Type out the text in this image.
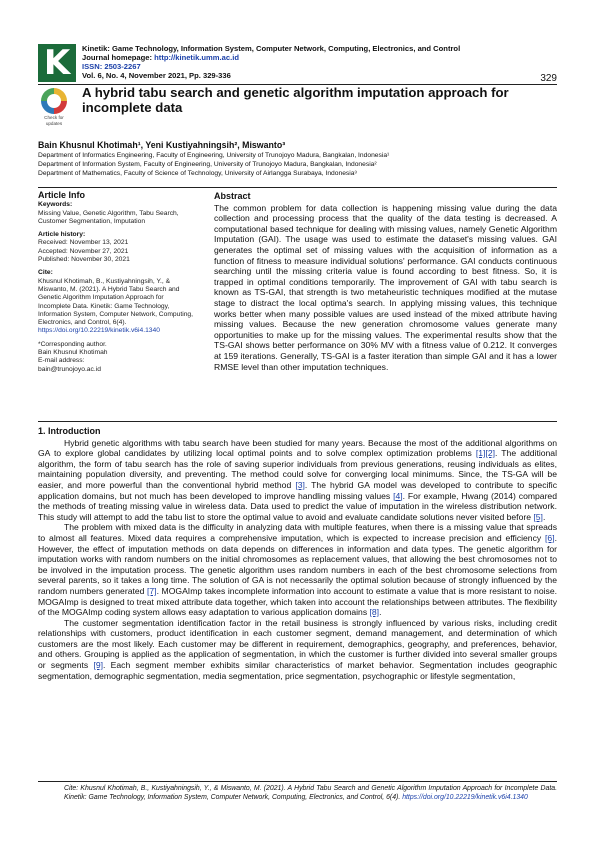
K	Kinetik: Game Technology, Information System, Computer Network, Computing, Electronics, and Control
Journal homepage: http://kinetik.umm.ac.id
ISSN: 2503-2267
Vol. 6, No. 4, November 2021, Pp. 329-336	329
Check for
updates
A hybrid tabu search and genetic algorithm imputation approach for incomplete data
Bain Khusnul Khotimah¹, Yeni Kustiyahningsih², Miswanto³
Department of Informatics Engineering, Faculty of Engineering, University of Trunojoyo Madura, Bangkalan, Indonesia¹
Department of Information System, Faculty of Engineering, University of Trunojoyo Madura, Bangkalan, Indonesia²
Department of Mathematics, Faculty of Science of Technology, University of Airlangga Surabaya, Indonesia³
Article Info
Keywords:
Missing Value, Genetic Algorithm, Tabu Search, Customer Segmentation, Imputation
Article history:
Received: November 13, 2021
Accepted: November 27, 2021
Published: November 30, 2021
Cite:
Khusnul Khotimah, B., Kustiyahningsih, Y., & Miswanto, M. (2021). A Hybrid Tabu Search and Genetic Algorithm Imputation Approach for Incomplete Data. Kinetik: Game Technology, Information System, Computer Network, Computing, Electronics, and Control, 6(4).
https://doi.org/10.22219/kinetik.v6i4.1340
*Corresponding author.
Bain Khusnul Khotimah
E-mail address:
bain@trunojoyo.ac.id
Abstract

The common problem for data collection is happening missing value during the data collection and processing process that the quality of the data testing is decreased. A computational based technique for dealing with missing values, namely Genetic Algorithm Imputation (GAI). The usage was used to estimate the dataset's missing values. GAI generates the optimal set of missing values with the acquisition of information as a function of fitness to measure individual solutions' performance. GAI conducts continuous searching until the missing criteria value is found according to best fitness. So, it is trapped in optimal conditions temporarily. The improvement of GAI with tabu search is known as TS-GAI, that strength is two metaheuristic techniques modified at the mutase stage to distract the local optima's search. In applying missing values, this technique works better when many possible values are used instead of the mixed attribute having missing values. Because the new generation chromosome values generate many opportunities to make up for the missing values. The experimental results show that the TS-GAI shows better performance on 30% MV with a fitness value of 0.212. It converges at 159 iterations. Generally, TS-GAI is a faster iteration than simple GAI and it has a lower RMSE level than other imputation techniques.

1. Introduction

Hybrid genetic algorithms with tabu search have been studied for many years. Because the most of the additional algorithms on GA to explore global candidates by utilizing local optimal points and to solve complex optimization problems [1][2]. The additional algorithm, the form of tabu search has the role of saving superior individuals from previous generations, reusing individuals as elites, maintaining population diversity, and preventing. The method could solve for converging local minimums. Since, the TS-GA will be easier, and more powerful than the conventional hybrid method [3]. The hybrid GA model was developed to contribute to specific application domains, but not much has been developed to improve handling missing values [4]. For example, Hwang (2014) compared the methods of treating missing value in wireless data. Data used to predict the value of imputation in the wireless distribution network. This study will attempt to add the tabu list to store the optimal value to avoid and evaluate candidate solutions never visited before [5].

The problem with mixed data is the difficulty in analyzing data with multiple features, when there is a missing value that spreads to almost all features. Mixed data requires a comprehensive imputation, which is expected to increase precision and efficiency [6]. However, the effect of imputation methods on data depends on differences in information and data types. The genetic algorithm for imputation works with random numbers on the initial chromosomes as replacement values, that allowing the best chromosomes not to be involved in the imputation process. The genetic algorithm uses random numbers in each of the best chromosome selections from several parents, so it takes a long time. The solution of GA is not necessarily the optimal solution because of strongly influenced by the random numbers generated [7]. MOGAImp takes incomplete information into account to estimate a value that is more resistant to noise. MOGAImp is designed to treat mixed attribute data together, which taken into account the relationships between attributes. The flexibility of the MOGAImp coding system allows easy adaptation to various application domains [8].

The customer segmentation identification factor in the retail business is strongly influenced by various risks, including credit relationships with customers, product identification in each customer segment, demand management, and determination of which customers are the most likely. Each customer may be different in requirement, demographics, geography, and preferences, behavior, and others. Grouping is applied as the application of segmentation, in which the customer is further divided into several smaller groups or segments [9]. Each segment member exhibits similar characteristics of market behavior. Segmentation includes geographic segmentation, demographic segmentation, media segmentation, price segmentation, psychographic or lifestyle segmentation,

Cite: Khusnul Khotimah, B., Kustiyahningsih, Y., & Miswanto, M. (2021). A Hybrid Tabu Search and Genetic Algorithm Imputation Approach for Incomplete Data. Kinetik: Game Technology, Information System, Computer Network, Computing, Electronics, and Control, 6(4). https://doi.org/10.22219/kinetik.v6i4.1340
